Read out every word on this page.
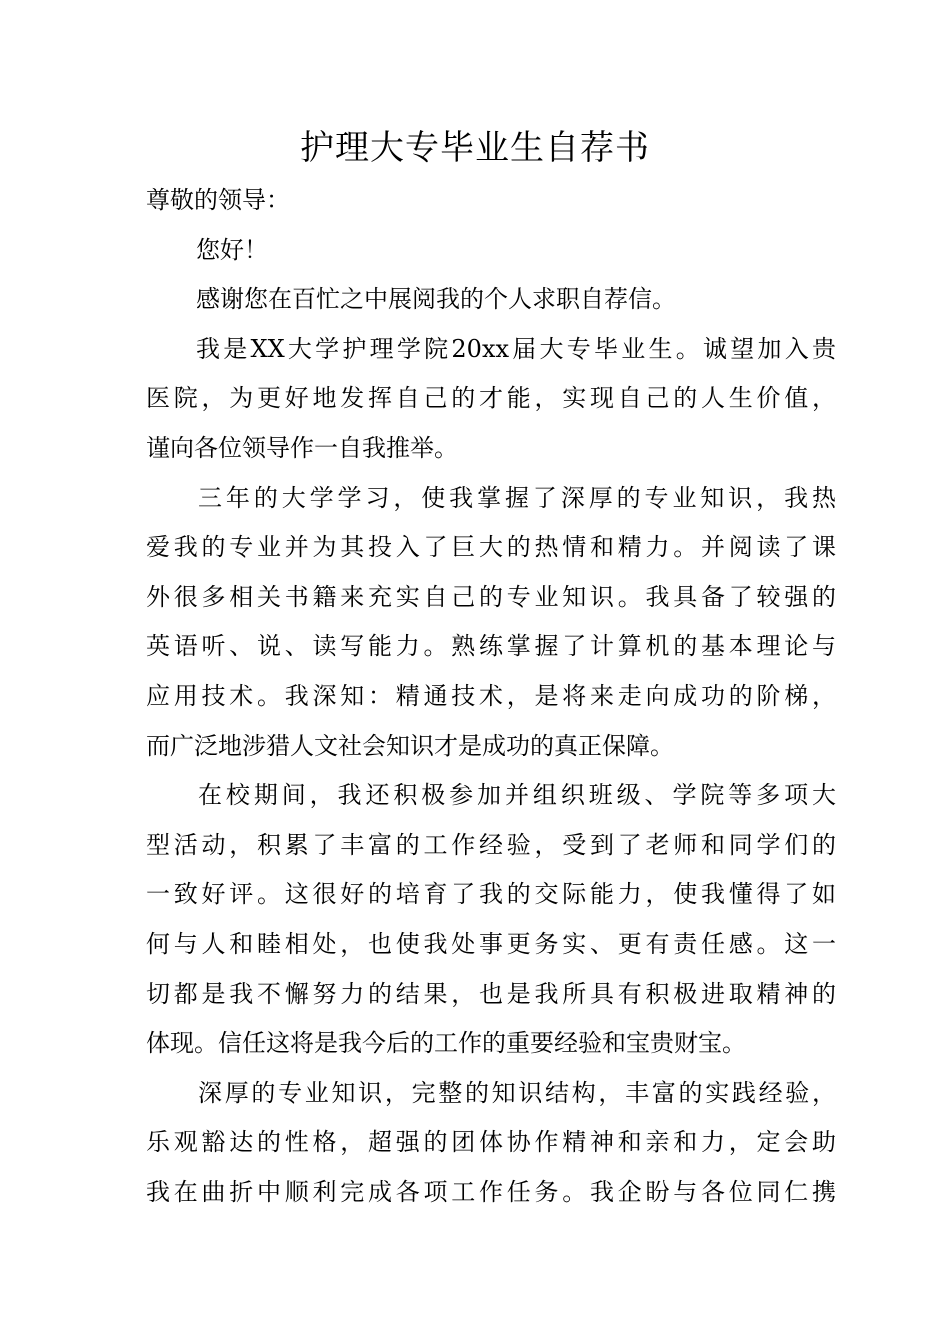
护理大专毕业生自荐书
尊敬的领导：
您好！
感谢您在百忙之中展阅我的个人求职自荐信。
我是XX大学护理学院20xx届大专毕业生。诚望加入贵
医院，为更好地发挥自己的才能，实现自己的人生价值，
谨向各位领导作一自我推举。
三年的大学学习，使我掌握了深厚的专业知识，我热
爱我的专业并为其投入了巨大的热情和精力。并阅读了课
外很多相关书籍来充实自己的专业知识。我具备了较强的
英语听、说、读写能力。熟练掌握了计算机的基本理论与
应用技术。我深知：精通技术，是将来走向成功的阶梯，
而广泛地涉猎人文社会知识才是成功的真正保障。
在校期间，我还积极参加并组织班级、学院等多项大
型活动，积累了丰富的工作经验，受到了老师和同学们的
一致好评。这很好的培育了我的交际能力，使我懂得了如
何与人和睦相处，也使我处事更务实、更有责任感。这一
切都是我不懈努力的结果，也是我所具有积极进取精神的
体现。信任这将是我今后的工作的重要经验和宝贵财宝。
深厚的专业知识，完整的知识结构，丰富的实践经验，
乐观豁达的性格，超强的团体协作精神和亲和力，定会助
我在曲折中顺利完成各项工作任务。我企盼与各位同仁携
